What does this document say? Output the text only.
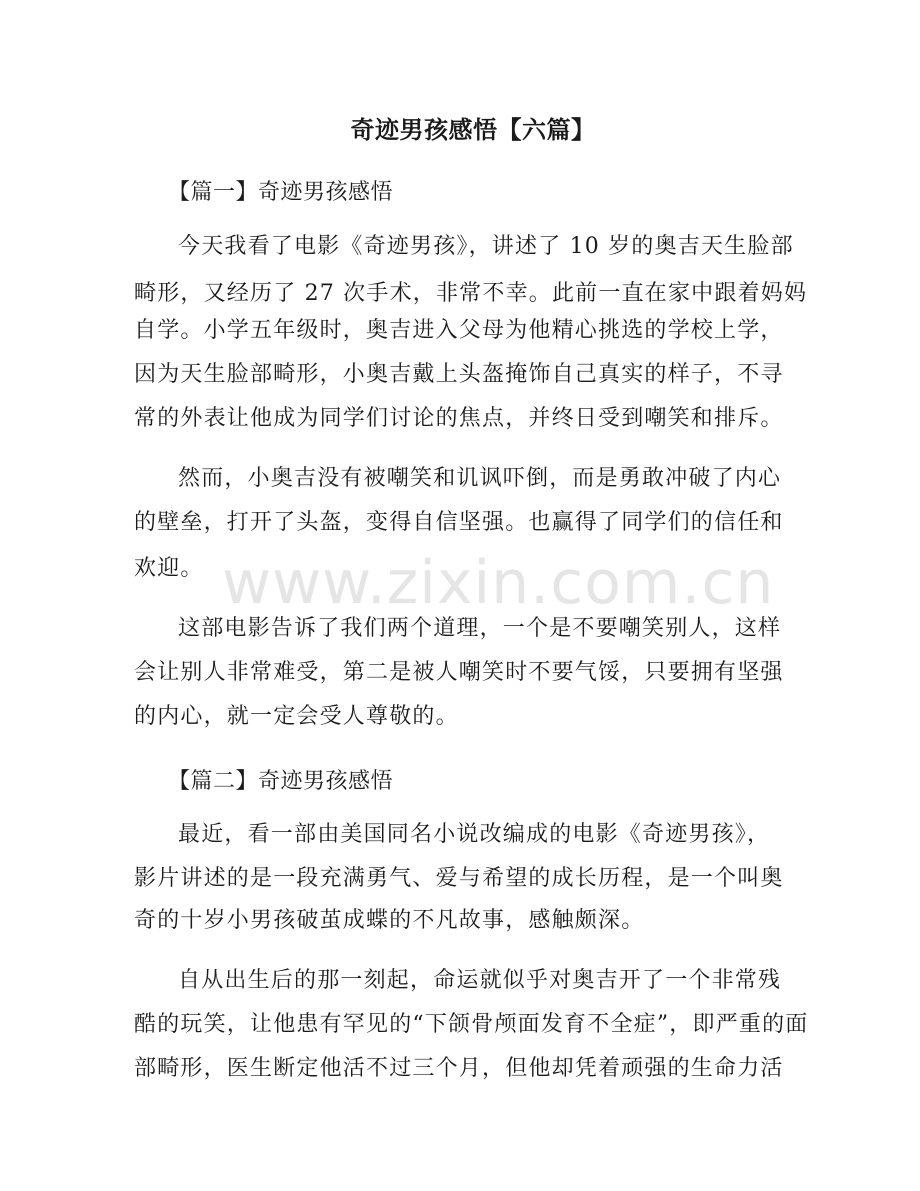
奇迹男孩感悟【六篇】
【篇一】奇迹男孩感悟
今天我看了电影《奇迹男孩》，讲述了 10 岁的奥吉天生脸部
畸形，又经历了 27 次手术，非常不幸。此前一直在家中跟着妈妈
自学。小学五年级时，奥吉进入父母为他精心挑选的学校上学，
因为天生脸部畸形，小奥吉戴上头盔掩饰自己真实的样子，不寻
常的外表让他成为同学们讨论的焦点，并终日受到嘲笑和排斥。
然而，小奥吉没有被嘲笑和讥讽吓倒，而是勇敢冲破了内心
的壁垒，打开了头盔，变得自信坚强。也赢得了同学们的信任和
欢迎。
这部电影告诉了我们两个道理，一个是不要嘲笑别人，这样
会让别人非常难受，第二是被人嘲笑时不要气馁，只要拥有坚强
的内心，就一定会受人尊敬的。
【篇二】奇迹男孩感悟
最近，看一部由美国同名小说改编成的电影《奇迹男孩》，
影片讲述的是一段充满勇气、爱与希望的成长历程，是一个叫奥
奇的十岁小男孩破茧成蝶的不凡故事，感触颇深。
自从出生后的那一刻起，命运就似乎对奥吉开了一个非常残
酷的玩笑，让他患有罕见的“下颌骨颅面发育不全症”，即严重的面
部畸形，医生断定他活不过三个月，但他却凭着顽强的生命力活
www.zixin.com.cn
